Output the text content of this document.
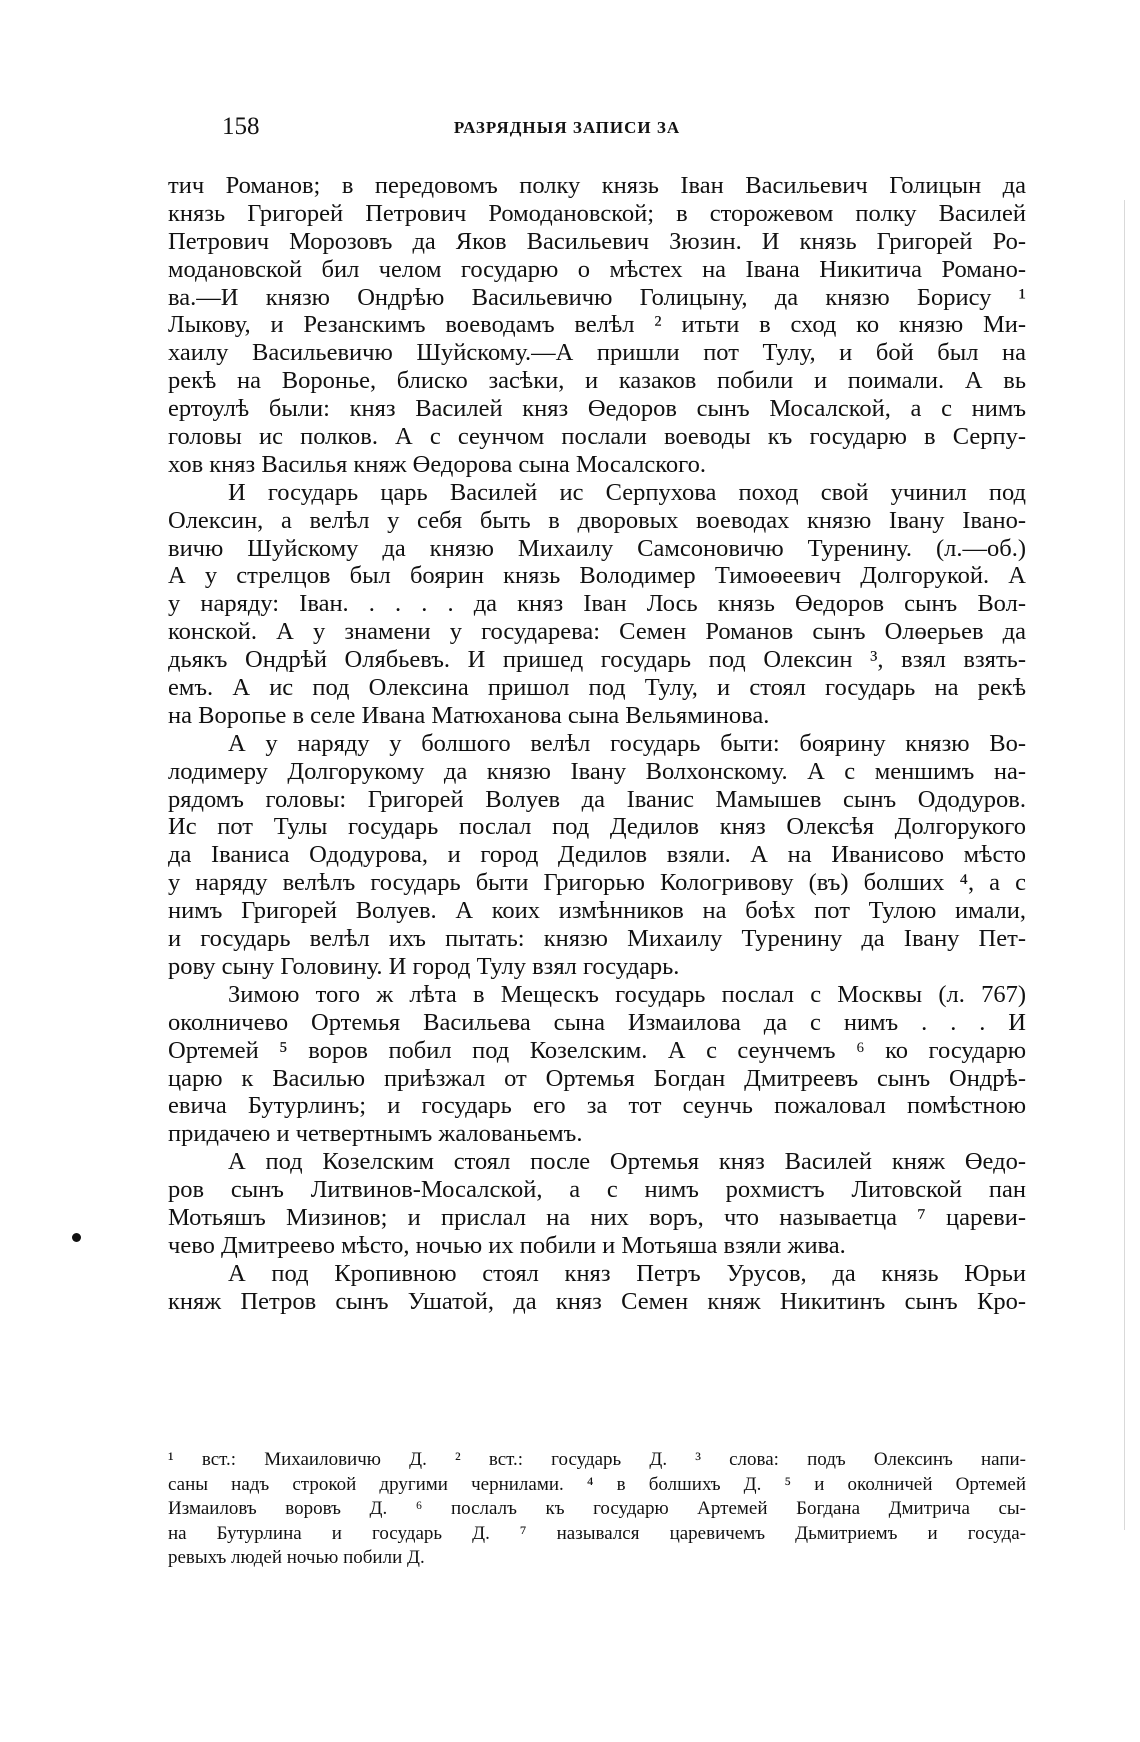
158	РАЗРЯДНЫЯ ЗАПИСИ ЗА
тич Романов; в передовомъ полку князь Іван Васильевич Голицын да
князь Григорей Петрович Ромодановской; в сторожевом полку Василей
Петрович Морозовъ да Яков Васильевич Зюзин. И князь Григорей Ро-
модановской бил челом государю о мѣстех на Івана Никитича Романо-
ва.—И князю Ондрѣю Васильевичю Голицыну, да князю Борису ¹
Лыкову, и Резанскимъ воеводамъ велѣл ² итьти в сход ко князю Ми-
хаилу Васильевичю Шуйскому.—А пришли пот Тулу, и бой был на
рекѣ на Воронье, блиско засѣки, и казаков побили и поимали. А вь
ертоулѣ были: княз Василей княз Өедоров сынъ Мосалской, а с нимъ
головы ис полков. А с сеунчом послали воеводы къ государю в Серпу-
хов княз Василья княж Өедорова сына Мосалского.
И государь царь Василей ис Серпухова поход свой учинил под
Олексин, а велѣл у себя быть в дворовых воеводах князю Івану Івано-
вичю Шуйскому да князю Михаилу Самсоновичю Туренину. (л.—об.)
А у стрелцов был боярин князь Володимер Тимоөеевич Долгорукой. А
у наряду: Іван. . . . . да княз Іван Лось князь Өедоров сынъ Вол-
конской. А у знамени у государева: Семен Романов сынъ Олөерьев да
дьякъ Ондрѣй Олябьевъ. И пришед государь под Олексин ³, взял взять-
емъ. А ис под Олексина пришол под Тулу, и стоял государь на рекѣ
на Воропье в селе Ивана Матюханова сына Вельяминова.
А у наряду у болшого велѣл государь быти: боярину князю Во-
лодимеру Долгорукому да князю Івану Волхонскому. А с меншимъ на-
рядомъ головы: Григорей Волуев да Іванис Мамышев сынъ Ододуров.
Ис пот Тулы государь послал под Дедилов княз Олексѣя Долгорукого
да Іваниса Ододурова, и город Дедилов взяли. А на Иванисово мѣсто
у наряду велѣлъ государь быти Григорью Кологривову (въ) болших ⁴, а с
нимъ Григорей Волуев. А коих измѣнников на боѣх пот Тулою имали,
и государь велѣл ихъ пытать: князю Михаилу Туренину да Івану Пет-
рову сыну Головину. И город Тулу взял государь.
Зимою того ж лѣта в Мещескъ государь послал с Москвы (л. 767)
околничево Ортемья Васильева сына Измаилова да с нимъ . . . И
Ортемей ⁵ воров побил под Козелским. А с сеунчемъ ⁶ ко государю
царю к Василью приѣзжал от Ортемья Богдан Дмитреевъ сынъ Ондрѣ-
евича Бутурлинъ; и государь его за тот сеунчь пожаловал помѣстною
придачею и четвертнымъ жалованьемъ.
А под Козелским стоял после Ортемья княз Василей княж Өедо-
ров сынъ Литвинов-Мосалской, а с нимъ рохмистъ Литовской пан
Мотьяшъ Мизинов; и прислал на них воръ, что называетца ⁷ цареви-
чево Дмитреево мѣсто, ночью их побили и Мотьяша взяли жива.
А под Кропивною стоял княз Петръ Урусов, да князь Юрьи
княж Петров сынъ Ушатой, да княз Семен княж Никитинъ сынъ Кро-
¹ вст.: Михаиловичю Д. ² вст.: государь Д. ³ слова: подъ Олексинъ напи-
саны надъ строкой другими чернилами. ⁴ в болшихъ Д. ⁵ и околничей Ортемей
Измаиловъ воровъ Д. ⁶ послалъ къ государю Артемей Богдана Дмитрича сы-
на Бутурлина и государь Д. ⁷ назывался царевичемъ Дьмитриемъ и госуда-
ревыхъ людей ночью побили Д.
